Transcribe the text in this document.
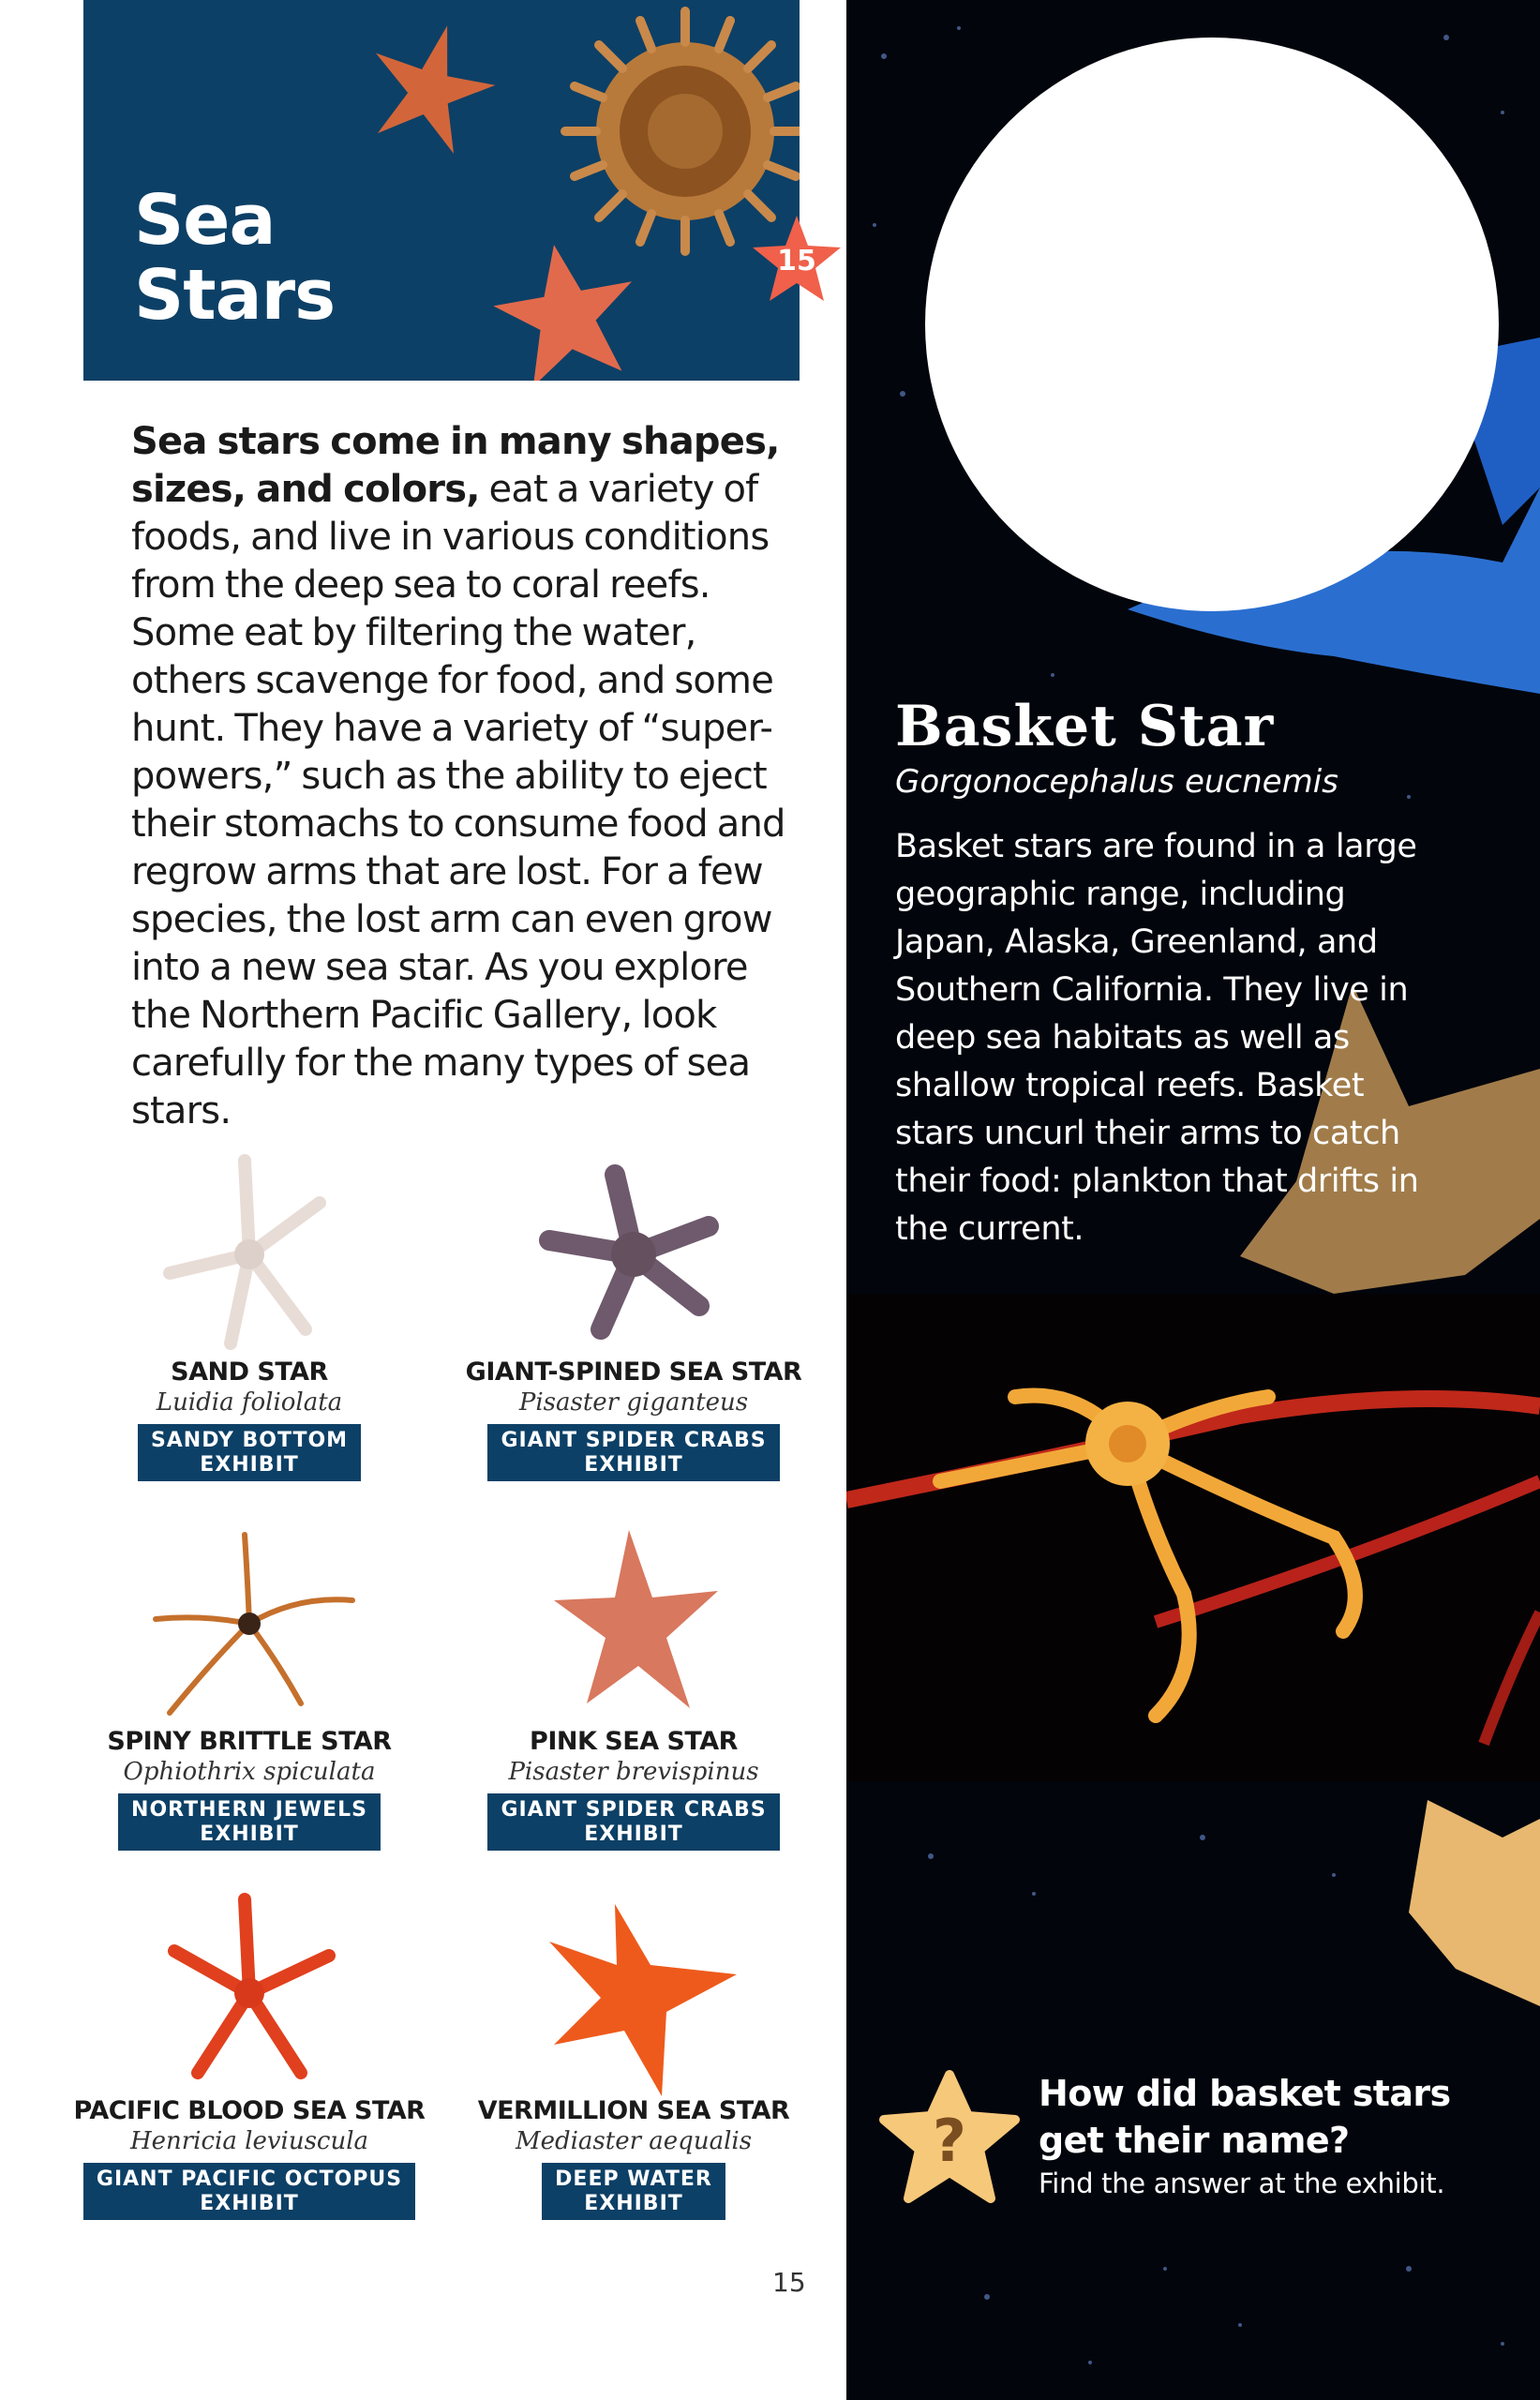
Sea
Stars	15
Sea stars come in many shapes, sizes, and colors, eat a variety of foods, and live in various conditions from the deep sea to coral reefs. Some eat by filtering the water, others scavenge for food, and some hunt. They have a variety of “super-powers,” such as the ability to eject their stomachs to consume food and regrow arms that are lost. For a few species, the lost arm can even grow into a new sea star. As you explore the Northern Pacific Gallery, look carefully for the many types of sea stars.
SAND STAR
Luidia foliolata
SANDY BOTTOM
EXHIBIT
GIANT-SPINED SEA STAR
Pisaster giganteus
GIANT SPIDER CRABS
EXHIBIT
SPINY BRITTLE STAR
Ophiothrix spiculata
NORTHERN JEWELS
EXHIBIT
PINK SEA STAR
Pisaster brevispinus
GIANT SPIDER CRABS
EXHIBIT
PACIFIC BLOOD SEA STAR
Henricia leviuscula
GIANT PACIFIC OCTOPUS
EXHIBIT
VERMILLION SEA STAR
Mediaster aequalis
DEEP WATER
EXHIBIT
15
Basket Star
Gorgonocephalus eucnemis
Basket stars are found in a large geographic range, including Japan, Alaska, Greenland, and Southern California. They live in deep sea habitats as well as shallow tropical reefs. Basket stars uncurl their arms to catch their food: plankton that drifts in the current.
?
How did basket stars
get their name?
Find the answer at the exhibit.
